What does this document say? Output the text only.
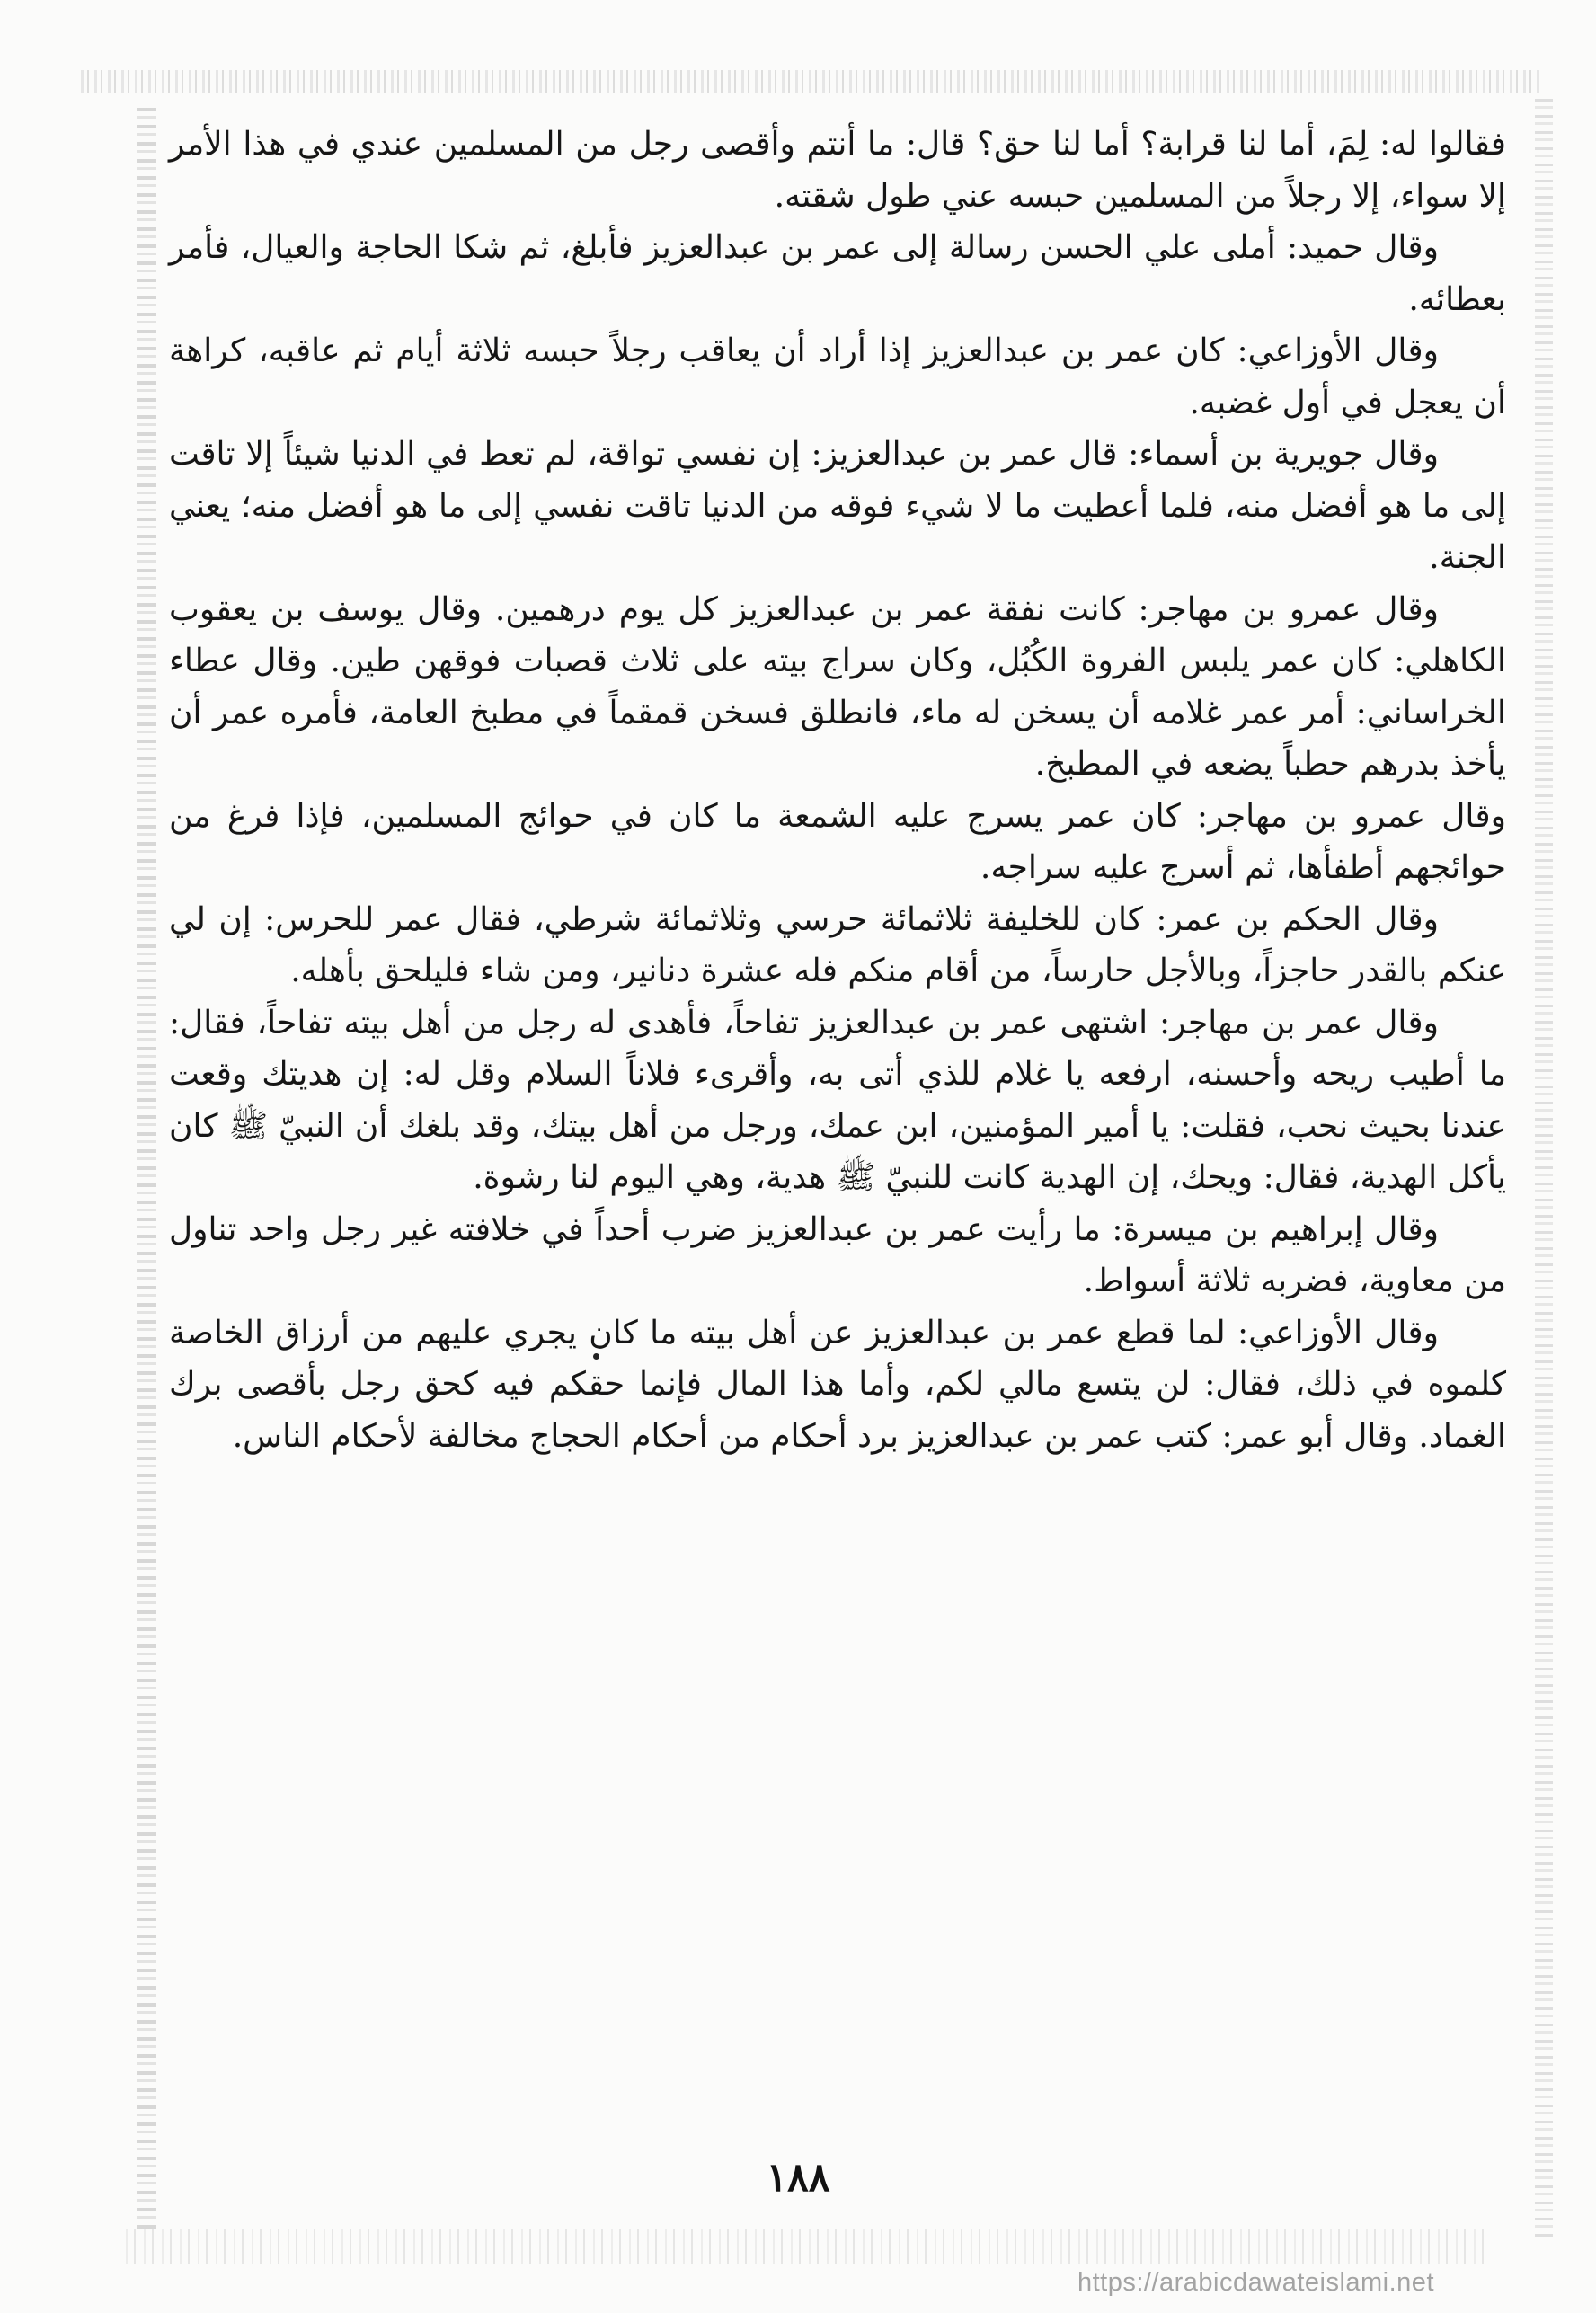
فقالوا له: لِمَ، أما لنا قرابة؟ أما لنا حق؟ قال: ما أنتم وأقصى رجل من المسلمين عندي في هذا الأمر إلا سواء، إلا رجلاً من المسلمين حبسه عني طول شقته.

وقال حميد: أملى علي الحسن رسالة إلى عمر بن عبدالعزيز فأبلغ، ثم شكا الحاجة والعيال، فأمر بعطائه.

وقال الأوزاعي: كان عمر بن عبدالعزيز إذا أراد أن يعاقب رجلاً حبسه ثلاثة أيام ثم عاقبه، كراهة أن يعجل في أول غضبه.

وقال جويرية بن أسماء: قال عمر بن عبدالعزيز: إن نفسي تواقة، لم تعط في الدنيا شيئاً إلا تاقت إلى ما هو أفضل منه، فلما أعطيت ما لا شيء فوقه من الدنيا تاقت نفسي إلى ما هو أفضل منه؛ يعني الجنة.

وقال عمرو بن مهاجر: كانت نفقة عمر بن عبدالعزيز كل يوم درهمين. وقال يوسف بن يعقوب الكاهلي: كان عمر يلبس الفروة الكُبُل، وكان سراج بيته على ثلاث قصبات فوقهن طين. وقال عطاء الخراساني: أمر عمر غلامه أن يسخن له ماء، فانطلق فسخن قمقماً في مطبخ العامة، فأمره عمر أن يأخذ بدرهم حطباً يضعه في المطبخ.

وقال عمرو بن مهاجر: كان عمر يسرج عليه الشمعة ما كان في حوائج المسلمين، فإذا فرغ من حوائجهم أطفأها، ثم أسرج عليه سراجه.

وقال الحكم بن عمر: كان للخليفة ثلاثمائة حرسي وثلاثمائة شرطي، فقال عمر للحرس: إن لي عنكم بالقدر حاجزاً، وبالأجل حارساً، من أقام منكم فله عشرة دنانير، ومن شاء فليلحق بأهله.

وقال عمر بن مهاجر: اشتهى عمر بن عبدالعزيز تفاحاً، فأهدى له رجل من أهل بيته تفاحاً، فقال: ما أطيب ريحه وأحسنه، ارفعه يا غلام للذي أتى به، وأقرىء فلاناً السلام وقل له: إن هديتك وقعت عندنا بحيث نحب، فقلت: يا أمير المؤمنين، ابن عمك، ورجل من أهل بيتك، وقد بلغك أن النبيّ ﷺ كان يأكل الهدية، فقال: ويحك، إن الهدية كانت للنبيّ ﷺ هدية، وهي اليوم لنا رشوة.

وقال إبراهيم بن ميسرة: ما رأيت عمر بن عبدالعزيز ضرب أحداً في خلافته غير رجل واحد تناول من معاوية، فضربه ثلاثة أسواط.

وقال الأوزاعي: لما قطع عمر بن عبدالعزيز عن أهل بيته ما كان يجري عليهم من أرزاق الخاصة كلموه في ذلك، فقال: لن يتسع مالي لكم، وأما هذا المال فإنما حقكم فيه كحق رجل بأقصى برك الغماد. وقال أبو عمر: كتب عمر بن عبدالعزيز برد أحكام من أحكام الحجاج مخالفة لأحكام الناس.

١٨٨
https://arabicdawateislami.net
